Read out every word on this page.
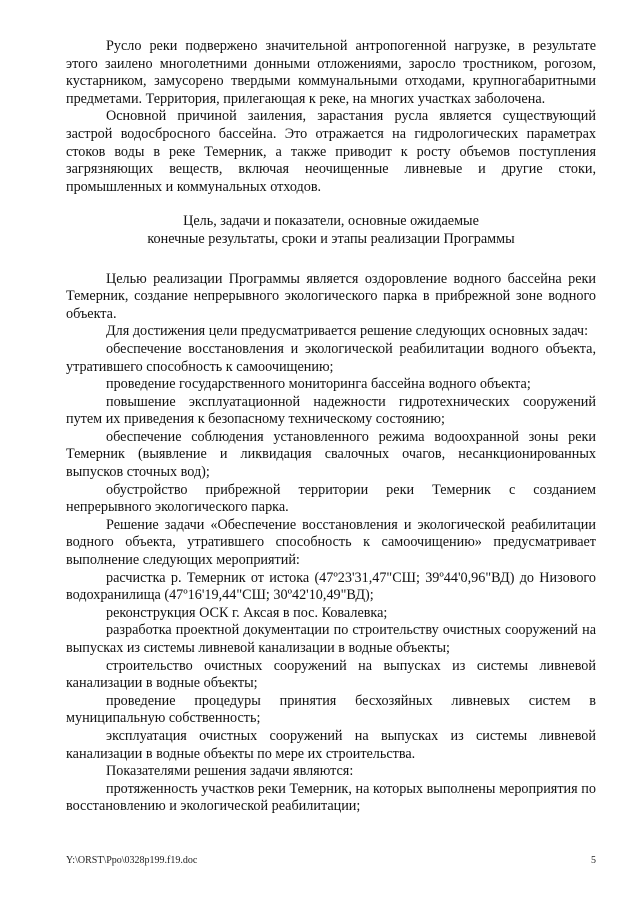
Русло реки подвержено значительной антропогенной нагрузке, в результате этого заилено многолетними донными отложениями, заросло тростником, рогозом, кустарником, замусорено твердыми коммунальными отходами, крупногабаритными предметами. Территория, прилегающая к реке, на многих участках заболочена.

Основной причиной заиления, зарастания русла является существующий застрой водосбросного бассейна. Это отражается на гидрологических параметрах стоков воды в реке Темерник, а также приводит к росту объемов поступления загрязняющих веществ, включая неочищенные ливневые и другие стоки, промышленных и коммунальных отходов.

Цель, задачи и показатели, основные ожидаемые
конечные результаты, сроки и этапы реализации Программы

Целью реализации Программы является оздоровление водного бассейна реки Темерник, создание непрерывного экологического парка в прибрежной зоне водного объекта.

Для достижения цели предусматривается решение следующих основных задач:

обеспечение восстановления и экологической реабилитации водного объекта, утратившего способность к самоочищению;

проведение государственного мониторинга бассейна водного объекта;

повышение эксплуатационной надежности гидротехнических сооружений путем их приведения к безопасному техническому состоянию;

обеспечение соблюдения установленного режима водоохранной зоны реки Темерник (выявление и ликвидация свалочных очагов, несанкционированных выпусков сточных вод);

обустройство прибрежной территории реки Темерник с созданием непрерывного экологического парка.

Решение задачи «Обеспечение восстановления и экологической реабилитации водного объекта, утратившего способность к самоочищению» предусматривает выполнение следующих мероприятий:

расчистка р. Темерник от истока (47º23'31,47"СШ; 39º44'0,96"ВД) до Низового водохранилища (47º16'19,44"СШ; 30º42'10,49"ВД);

реконструкция ОСК г. Аксая в пос. Ковалевка;

разработка проектной документации по строительству очистных сооружений на выпусках из системы ливневой канализации в водные объекты;

строительство очистных сооружений на выпусках из системы ливневой канализации в водные объекты;

проведение процедуры принятия бесхозяйных ливневых систем в муниципальную собственность;

эксплуатация очистных сооружений на выпусках из системы ливневой канализации в водные объекты по мере их строительства.

Показателями решения задачи являются:

протяженность участков реки Темерник, на которых выполнены мероприятия по восстановлению и экологической реабилитации;

Y:\ORST\Ppo\0328p199.f19.doc	5
